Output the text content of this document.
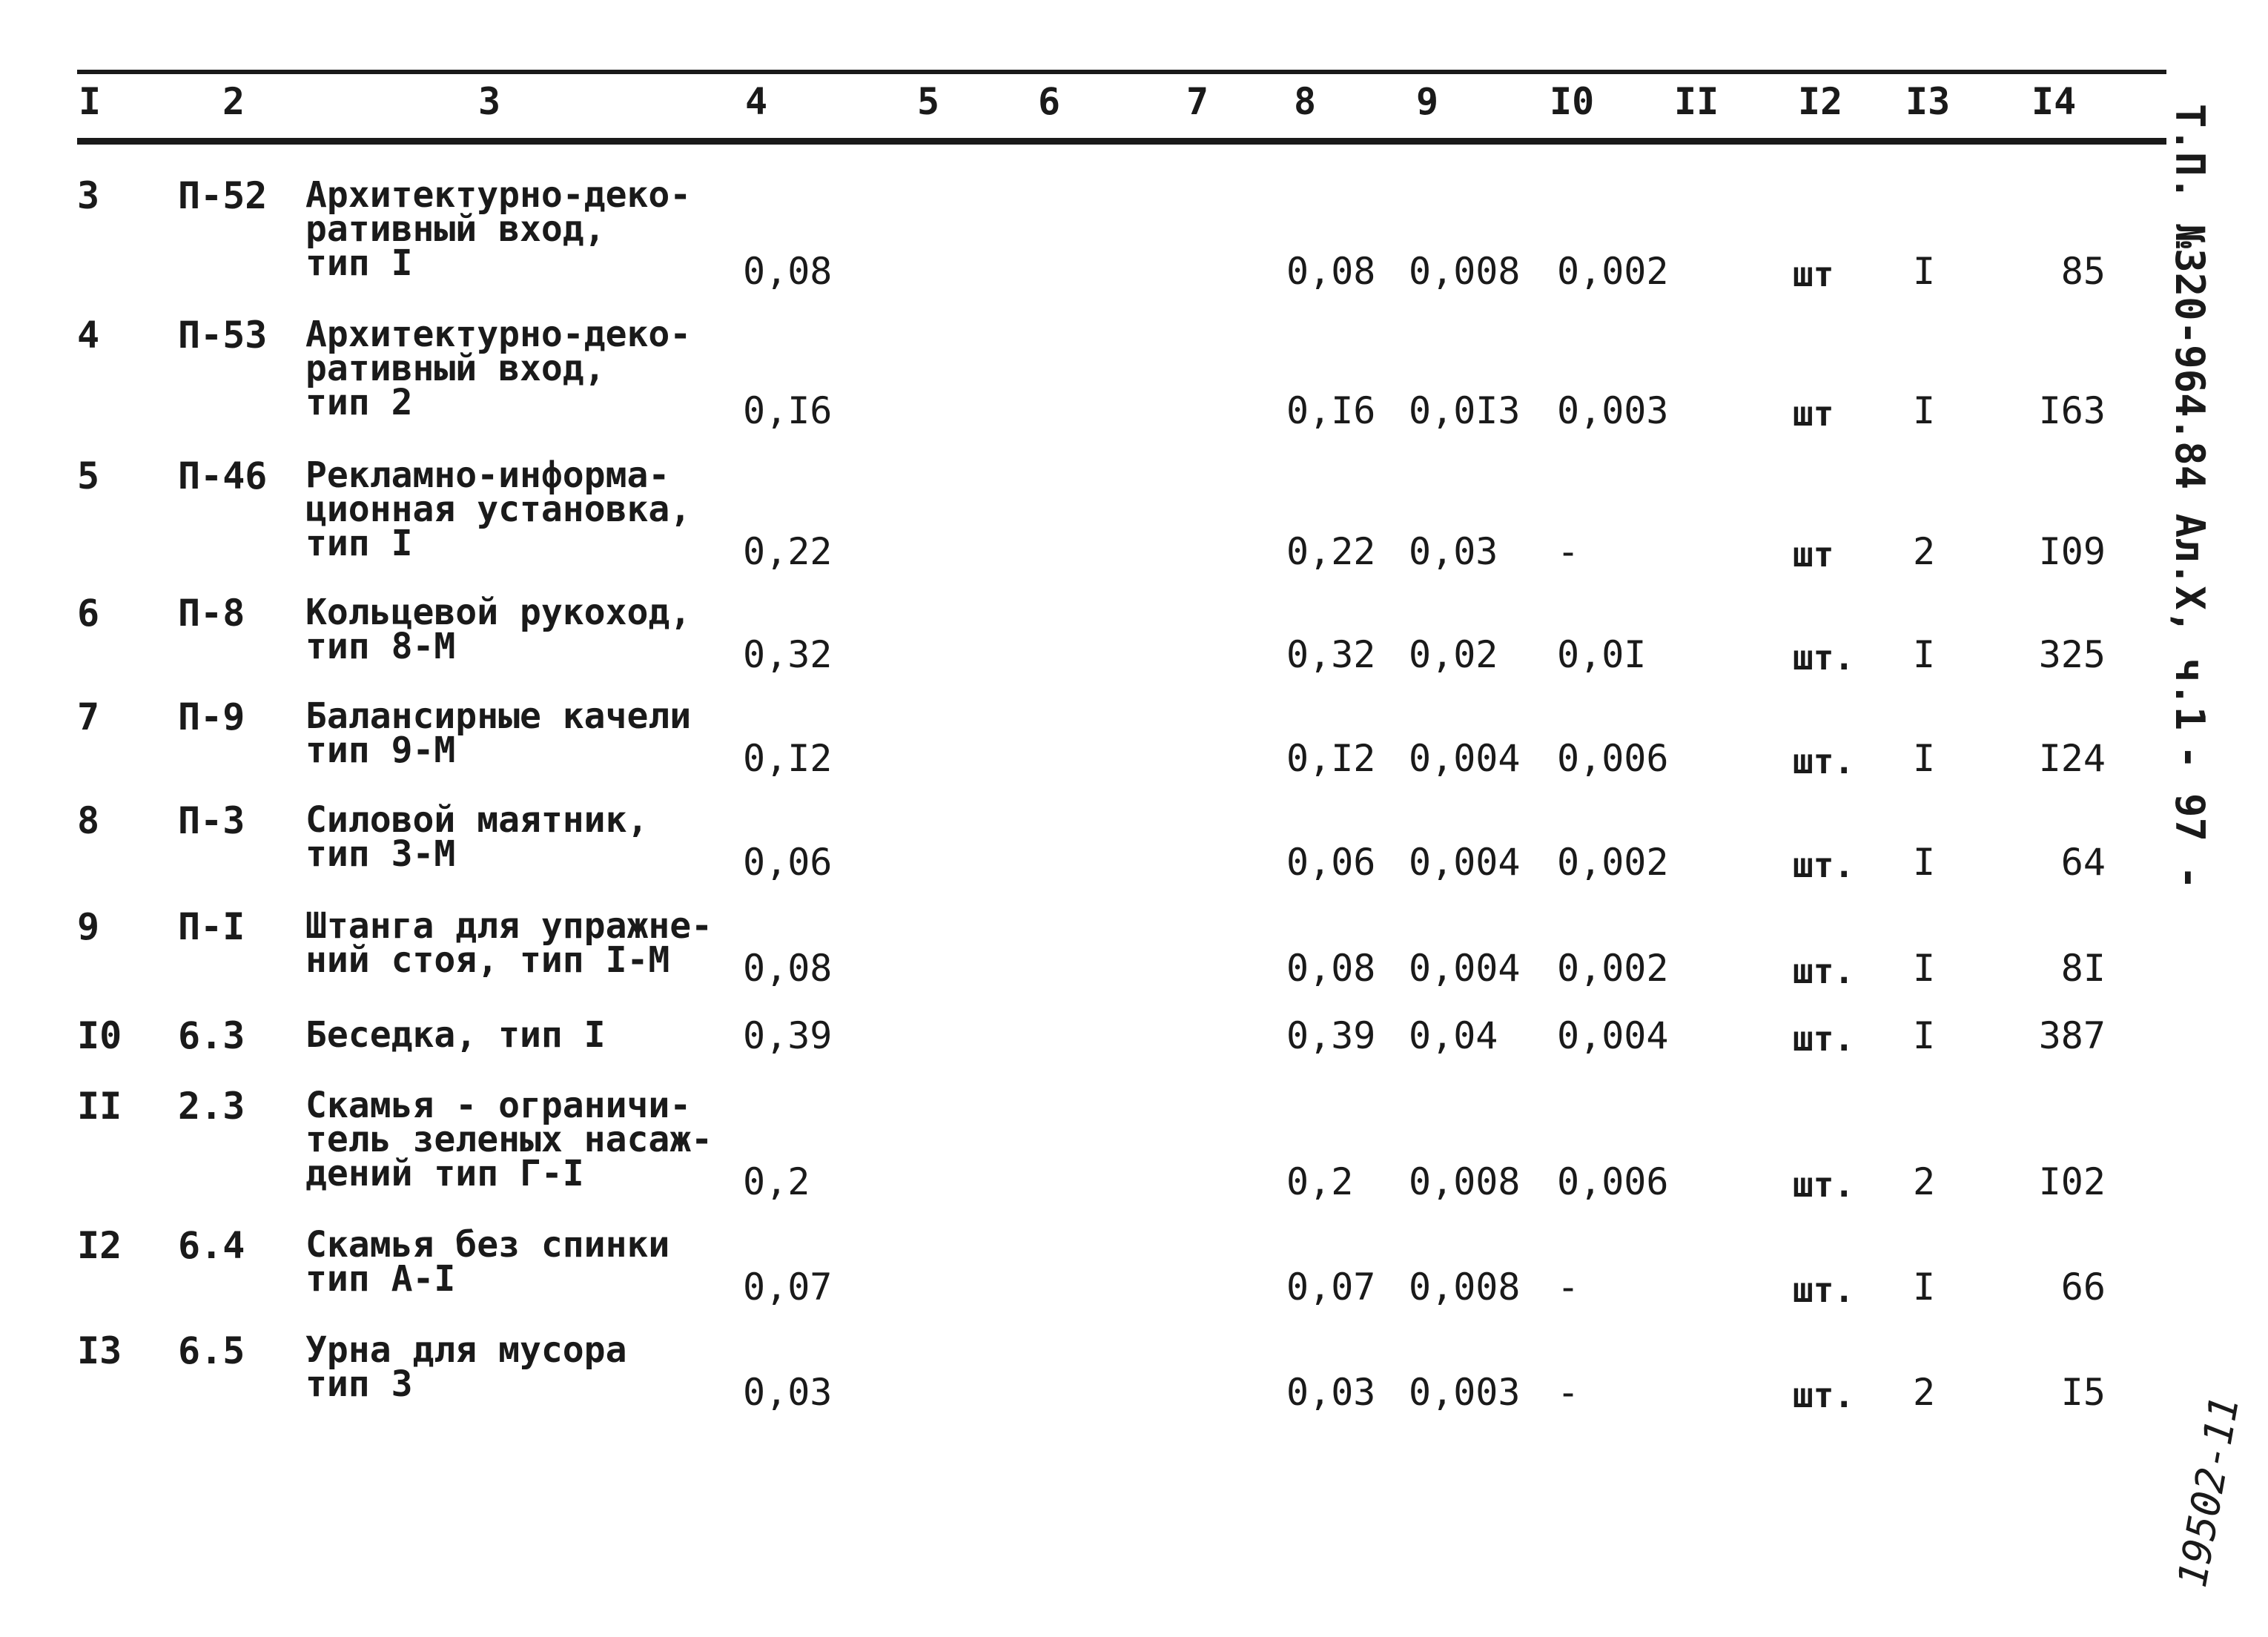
I	2	3	4	5	6	7 8	9	I0 II I2 I3 I4
3 П-52 Архитектурно-деко-
ративный вход,
тип I	0,08	0,08 0,008 0,002	шт I	85
4 П-53 Архитектурно-деко-
ративный вход,
тип 2	0,I6	0,I6 0,0I3 0,003	шт I	I63
5 П-46 Рекламно-информа-
ционная установка,
тип I	0,22	0,22 0,03 -	шт 2	I09
6 П-8 Кольцевой рукоход,
тип 8-М	0,32	0,32 0,02 0,0I	шт. I	325
7 П-9 Балансирные качели
тип 9-М	0,I2	0,I2 0,004 0,006	шт. I	I24
8 П-3 Силовой маятник,
тип 3-М	0,06	0,06 0,004 0,002	шт. I	64
9 П-I Штанга для упражне-
ний стоя, тип I-М	0,08	0,08 0,004 0,002	шт. I	8I
I0 6.3 Беседка, тип I	0,39	0,39 0,04 0,004	шт. I	387
II 2.3 Скамья - ограничи-
тель зеленых насаж-
дений тип Г-I	0,2	0,2 0,008 0,006	шт. 2	I02
I2 6.4 Скамья без спинки
тип А-I	0,07	0,07 0,008 -	шт. I	66
I3 6.5 Урна для мусора
тип 3	0,03	0,03 0,003 -	шт. 2	I5
Т.П. №320-964.84 Ал.Х, ч.1
- 97 -
19502-11
